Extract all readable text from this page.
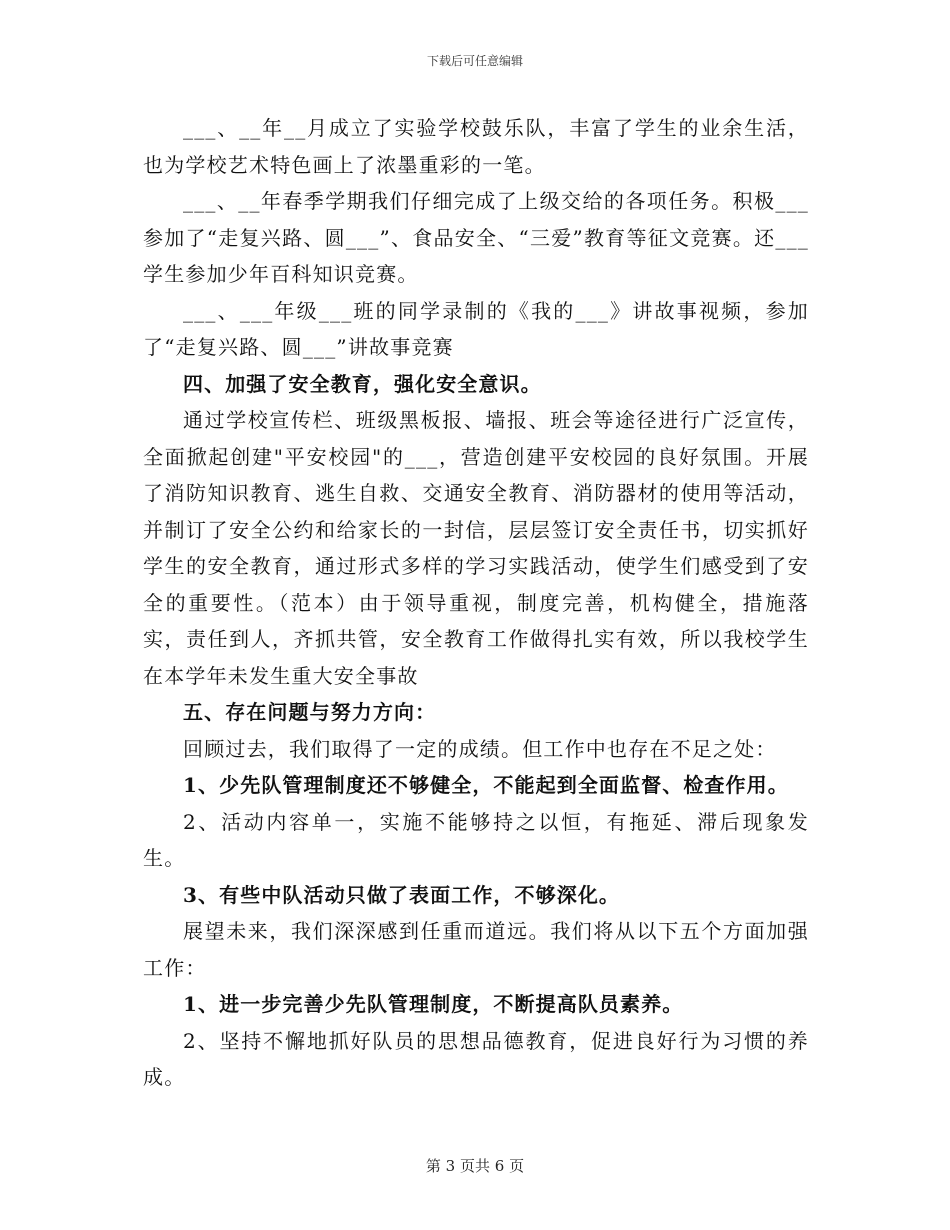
下载后可任意编辑

___、__年__月成立了实验学校鼓乐队，丰富了学生的业余生活，也为学校艺术特色画上了浓墨重彩的一笔。

___、__年春季学期我们仔细完成了上级交给的各项任务。积极___参加了“走复兴路、圆___”、食品安全、“三爱”教育等征文竞赛。还___学生参加少年百科知识竞赛。

___、___年级___班的同学录制的《我的___》讲故事视频，参加了“走复兴路、圆___”讲故事竞赛

四、加强了安全教育，强化安全意识。

通过学校宣传栏、班级黑板报、墙报、班会等途径进行广泛宣传，全面掀起创建"平安校园"的___，营造创建平安校园的良好氛围。开展了消防知识教育、逃生自救、交通安全教育、消防器材的使用等活动，并制订了安全公约和给家长的一封信，层层签订安全责任书，切实抓好学生的安全教育，通过形式多样的学习实践活动，使学生们感受到了安全的重要性。（范本）由于领导重视，制度完善，机构健全，措施落实，责任到人，齐抓共管，安全教育工作做得扎实有效，所以我校学生在本学年未发生重大安全事故

五、存在问题与努力方向：

回顾过去，我们取得了一定的成绩。但工作中也存在不足之处：

1、少先队管理制度还不够健全，不能起到全面监督、检查作用。

2、活动内容单一，实施不能够持之以恒，有拖延、滞后现象发生。

3、有些中队活动只做了表面工作，不够深化。

展望未来，我们深深感到任重而道远。我们将从以下五个方面加强工作：

1、进一步完善少先队管理制度，不断提高队员素养。

2、坚持不懈地抓好队员的思想品德教育，促进良好行为习惯的养成。

第 3 页共 6 页
